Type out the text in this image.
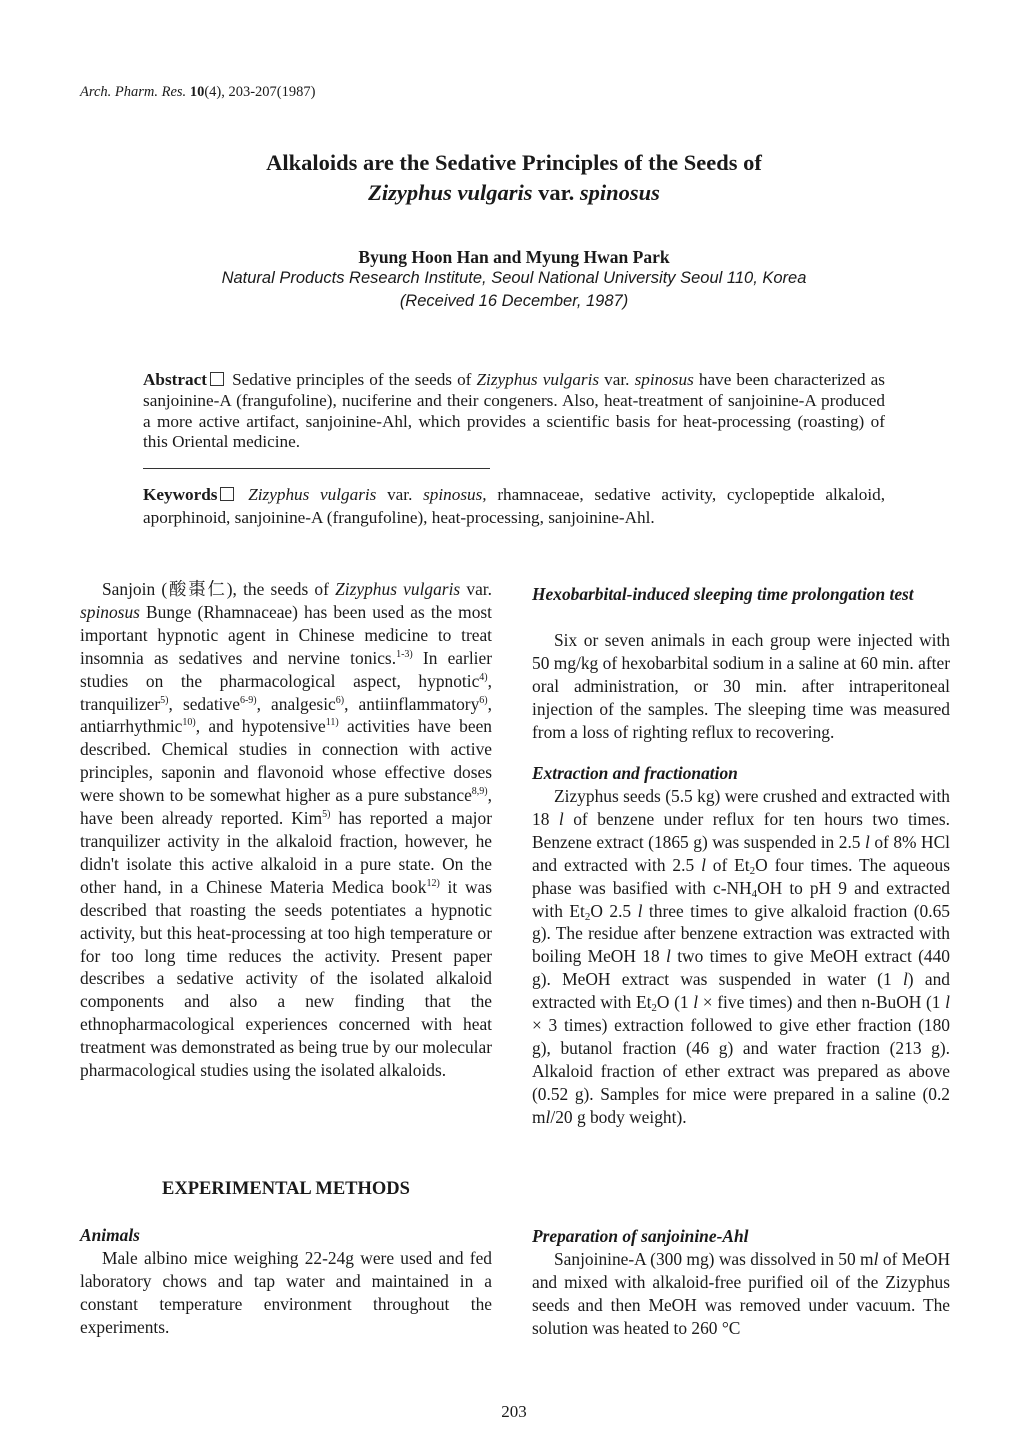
Arch. Pharm. Res. 10(4), 203-207(1987)
Alkaloids are the Sedative Principles of the Seeds of
Zizyphus vulgaris var. spinosus
Byung Hoon Han and Myung Hwan Park
Natural Products Research Institute, Seoul National University Seoul 110, Korea
(Received 16 December, 1987)
Abstract Sedative principles of the seeds of Zizyphus vulgaris var. spinosus have been characterized as sanjoinine-A (frangufoline), nuciferine and their congeners. Also, heat-treatment of sanjoinine-A produced a more active artifact, sanjoinine-Ahl, which provides a scientific basis for heat-processing (roasting) of this Oriental medicine.
Keywords Zizyphus vulgaris var. spinosus, rhamnaceae, sedative activity, cyclopeptide alkaloid, aporphinoid, sanjoinine-A (frangufoline), heat-processing, sanjoinine-Ahl.

Sanjoin (酸棗仁), the seeds of Zizyphus vulgaris var. spinosus Bunge (Rhamnaceae) has been used as the most important hypnotic agent in Chinese medicine to treat insomnia as sedatives and nervine tonics.$^{1-3)}$ In earlier studies on the pharmacological aspect, hypnotic$^{4)}$, tranquilizer$^{5)}$, sedative$^{6-9)}$, analgesic$^{6)}$, antiinflammatory$^{6)}$, antiarrhythmic$^{10)}$, and hypotensive$^{11)}$ activities have been described. Chemical studies in connection with active principles, saponin and flavonoid whose effective doses were shown to be somewhat higher as a pure substance$^{8,9)}$, have been already reported. Kim$^{5)}$ has reported a major tranquilizer activity in the alkaloid fraction, however, he didn't isolate this active alkaloid in a pure state. On the other hand, in a Chinese Materia Medica book$^{12)}$ it was described that roasting the seeds potentiates a hypnotic activity, but this heat-processing at too high temperature or for too long time reduces the activity. Present paper describes a sedative activity of the isolated alkaloid components and also a new finding that the ethnopharmacological experiences concerned with heat treatment was demonstrated as being true by our molecular pharmacological studies using the isolated alkaloids.

EXPERIMENTAL METHODS
Animals

Male albino mice weighing 22-24g were used and fed laboratory chows and tap water and maintained in a constant temperature environment throughout the experiments.

Hexobarbital-induced sleeping time prolongation test

Six or seven animals in each group were injected with 50 mg/kg of hexobarbital sodium in a saline at 60 min. after oral administration, or 30 min. after intraperitoneal injection of the samples. The sleeping time was measured from a loss of righting reflux to recovering.

Extraction and fractionation

Zizyphus seeds (5.5 kg) were crushed and extracted with 18 l of benzene under reflux for ten hours two times. Benzene extract (1865 g) was suspended in 2.5 l of 8% HCl and extracted with 2.5 l of $Et_2O$ four times. The aqueous phase was basified with $c-NH_4OH$ to pH 9 and extracted with $Et_2O$ 2.5 l three times to give alkaloid fraction (0.65 g). The residue after benzene extraction was extracted with boiling MeOH 18 l two times to give MeOH extract (440 g). MeOH extract was suspended in water (1 l) and extracted with $Et_2O$ (1 l × five times) and then n-BuOH (1 l × 3 times) extraction followed to give ether fraction (180 g), butanol fraction (46 g) and water fraction (213 g). Alkaloid fraction of ether extract was prepared as above (0.52 g). Samples for mice were prepared in a saline (0.2 ml/20 g body weight).

Preparation of sanjoinine-Ahl

Sanjoinine-A (300 mg) was dissolved in 50 ml of MeOH and mixed with alkaloid-free purified oil of the Zizyphus seeds and then MeOH was removed under vacuum. The solution was heated to 260 °C

203
